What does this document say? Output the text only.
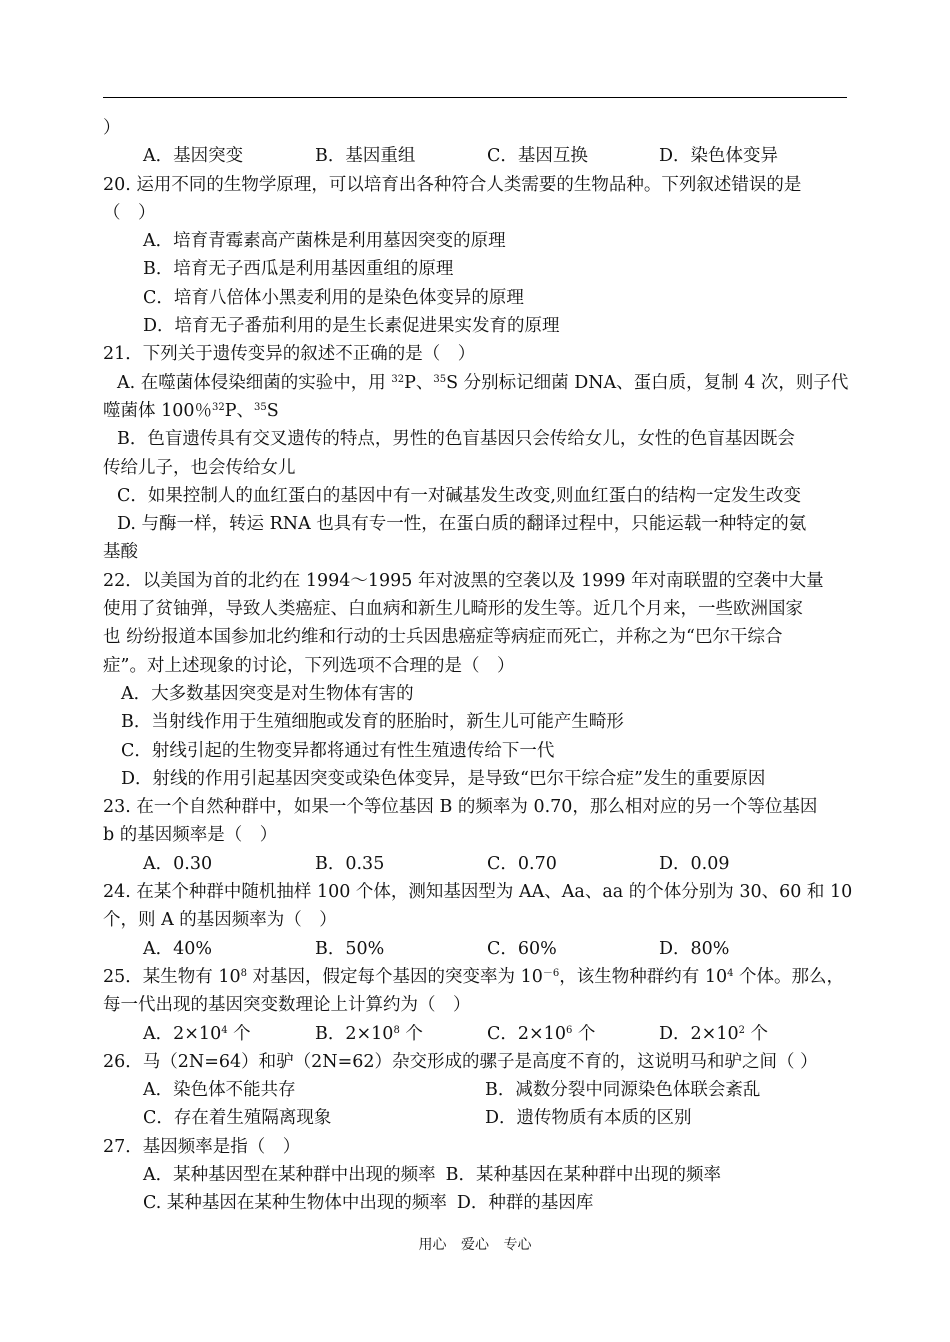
）
A．基因突变	B．基因重组	C．基因互换	D．染色体变异
20. 运用不同的生物学原理，可以培育出各种符合人类需要的生物品种。下列叙述错误的是
（　）
A．培育青霉素高产菌株是利用墓因突变的原理
B．培育无子西瓜是利用基因重组的原理
C．培育八倍体小黑麦利用的是染色体变异的原理
D．培育无子番茄利用的是生长素促进果实发育的原理
21．下列关于遗传变异的叙述不正确的是（　）
A. 在噬菌体侵染细菌的实验中，用 $^{32}$P、$^{35}$S 分别标记细菌 DNA、蛋白质，复制 4 次，则子代
噬菌体 100％$^{32}$P、$^{35}$S
B．色盲遗传具有交叉遗传的特点，男性的色盲基因只会传给女儿，女性的色盲基因既会
传给儿子，也会传给女儿
C．如果控制人的血红蛋白的基因中有一对碱基发生改变,则血红蛋白的结构一定发生改变
D. 与酶一样，转运 RNA 也具有专一性，在蛋白质的翻译过程中，只能运载一种特定的氨
基酸
22．以美国为首的北约在 1994～1995 年对波黑的空袭以及 1999 年对南联盟的空袭中大量
使用了贫铀弹，导致人类癌症、白血病和新生儿畸形的发生等。近几个月来，一些欧洲国家
也 纷纷报道本国参加北约维和行动的士兵因患癌症等病症而死亡，并称之为“巴尔干综合
症”。对上述现象的讨论，下列选项不合理的是（　）
A．大多数基因突变是对生物体有害的
B．当射线作用于生殖细胞或发育的胚胎时，新生儿可能产生畸形
C．射线引起的生物变异都将通过有性生殖遗传给下一代
D．射线的作用引起基因突变或染色体变异，是导致“巴尔干综合症”发生的重要原因
23. 在一个自然种群中，如果一个等位基因 B 的频率为 0.70，那么相对应的另一个等位基因
b 的基因频率是（　）
A．0.30	B．0.35	C．0.70	D．0.09
24. 在某个种群中随机抽样 100 个体，测知基因型为 AA、Aa、aa 的个体分别为 30、60 和 10
个，则 A 的基因频率为（　）
A．40%	B．50%	C．60%	D．80%
25．某生物有 $10^8$ 对基因，假定每个基因的突变率为 $10^{-6}$，该生物种群约有 $10^4$ 个体。那么，
每一代出现的基因突变数理论上计算约为（　）
A．$2\times 10^4$ 个	B．$2\times 10^8$ 个	C．$2\times 10^6$ 个	D．$2\times 10^2$ 个
26．马（2N=64）和驴（2N=62）杂交形成的骡子是高度不育的，这说明马和驴之间（ ）
A．染色体不能共存	B．减数分裂中同源染色体联会紊乱
C．存在着生殖隔离现象	D．遗传物质有本质的区别
27．基因频率是指（　）
A．某种基因型在某种群中出现的频率 B．某种基因在某种群中出现的频率
C. 某种基因在某种生物体中出现的频率 D．种群的基因库
用心 爱心 专心
